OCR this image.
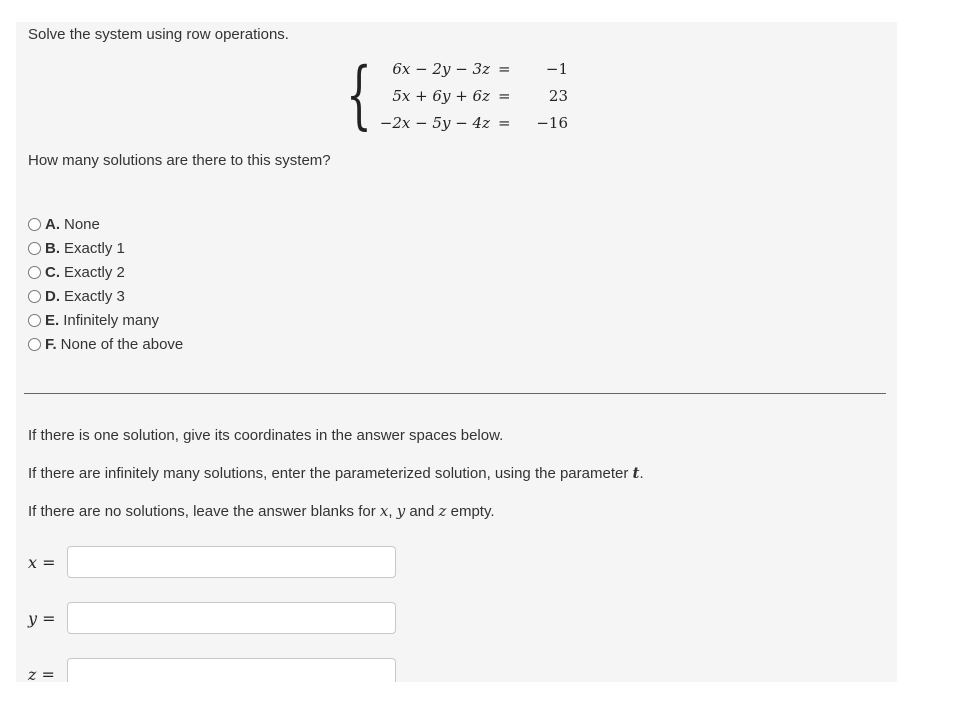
Solve the system using row operations.
{ 6x − 2y − 3z = −1
5x + 6y + 6z =	23
−2x − 5y − 4z = −16
How many solutions are there to this system?
A. None
B. Exactly 1
C. Exactly 2
D. Exactly 3
E. Infinitely many
F. None of the above
If there is one solution, give its coordinates in the answer spaces below.
If there are infinitely many solutions, enter the parameterized solution, using the parameter t.
If there are no solutions, leave the answer blanks for x, y and z empty.
x =
y =
z =
